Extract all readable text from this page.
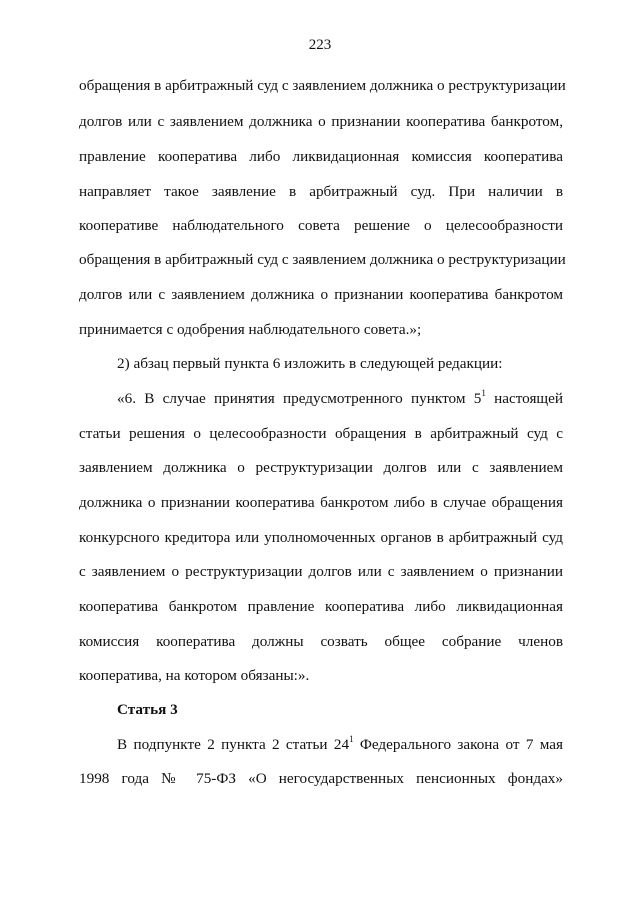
223
обращения в арбитражный суд с заявлением должника о реструктуризации
долгов или с заявлением должника о признании кооператива банкротом,
правление кооператива либо ликвидационная комиссия кооператива
направляет такое заявление в арбитражный суд. При наличии в
кооперативе наблюдательного совета решение о целесообразности
обращения в арбитражный суд с заявлением должника о реструктуризации
долгов или с заявлением должника о признании кооператива банкротом
принимается с одобрения наблюдательного совета.»;
2) абзац первый пункта 6 изложить в следующей редакции:
«6. В случае принятия предусмотренного пунктом $5^1$ настоящей
статьи решения о целесообразности обращения в арбитражный суд с
заявлением должника о реструктуризации долгов или с заявлением
должника о признании кооператива банкротом либо в случае обращения
конкурсного кредитора или уполномоченных органов в арбитражный суд
с заявлением о реструктуризации долгов или с заявлением о признании
кооператива банкротом правление кооператива либо ликвидационная
комиссия кооператива должны созвать общее собрание членов
кооператива, на котором обязаны:».
Статья 3
В подпункте 2 пункта 2 статьи $24^1$ Федерального закона от 7 мая
1998 года № 75-ФЗ «О негосударственных пенсионных фондах»
